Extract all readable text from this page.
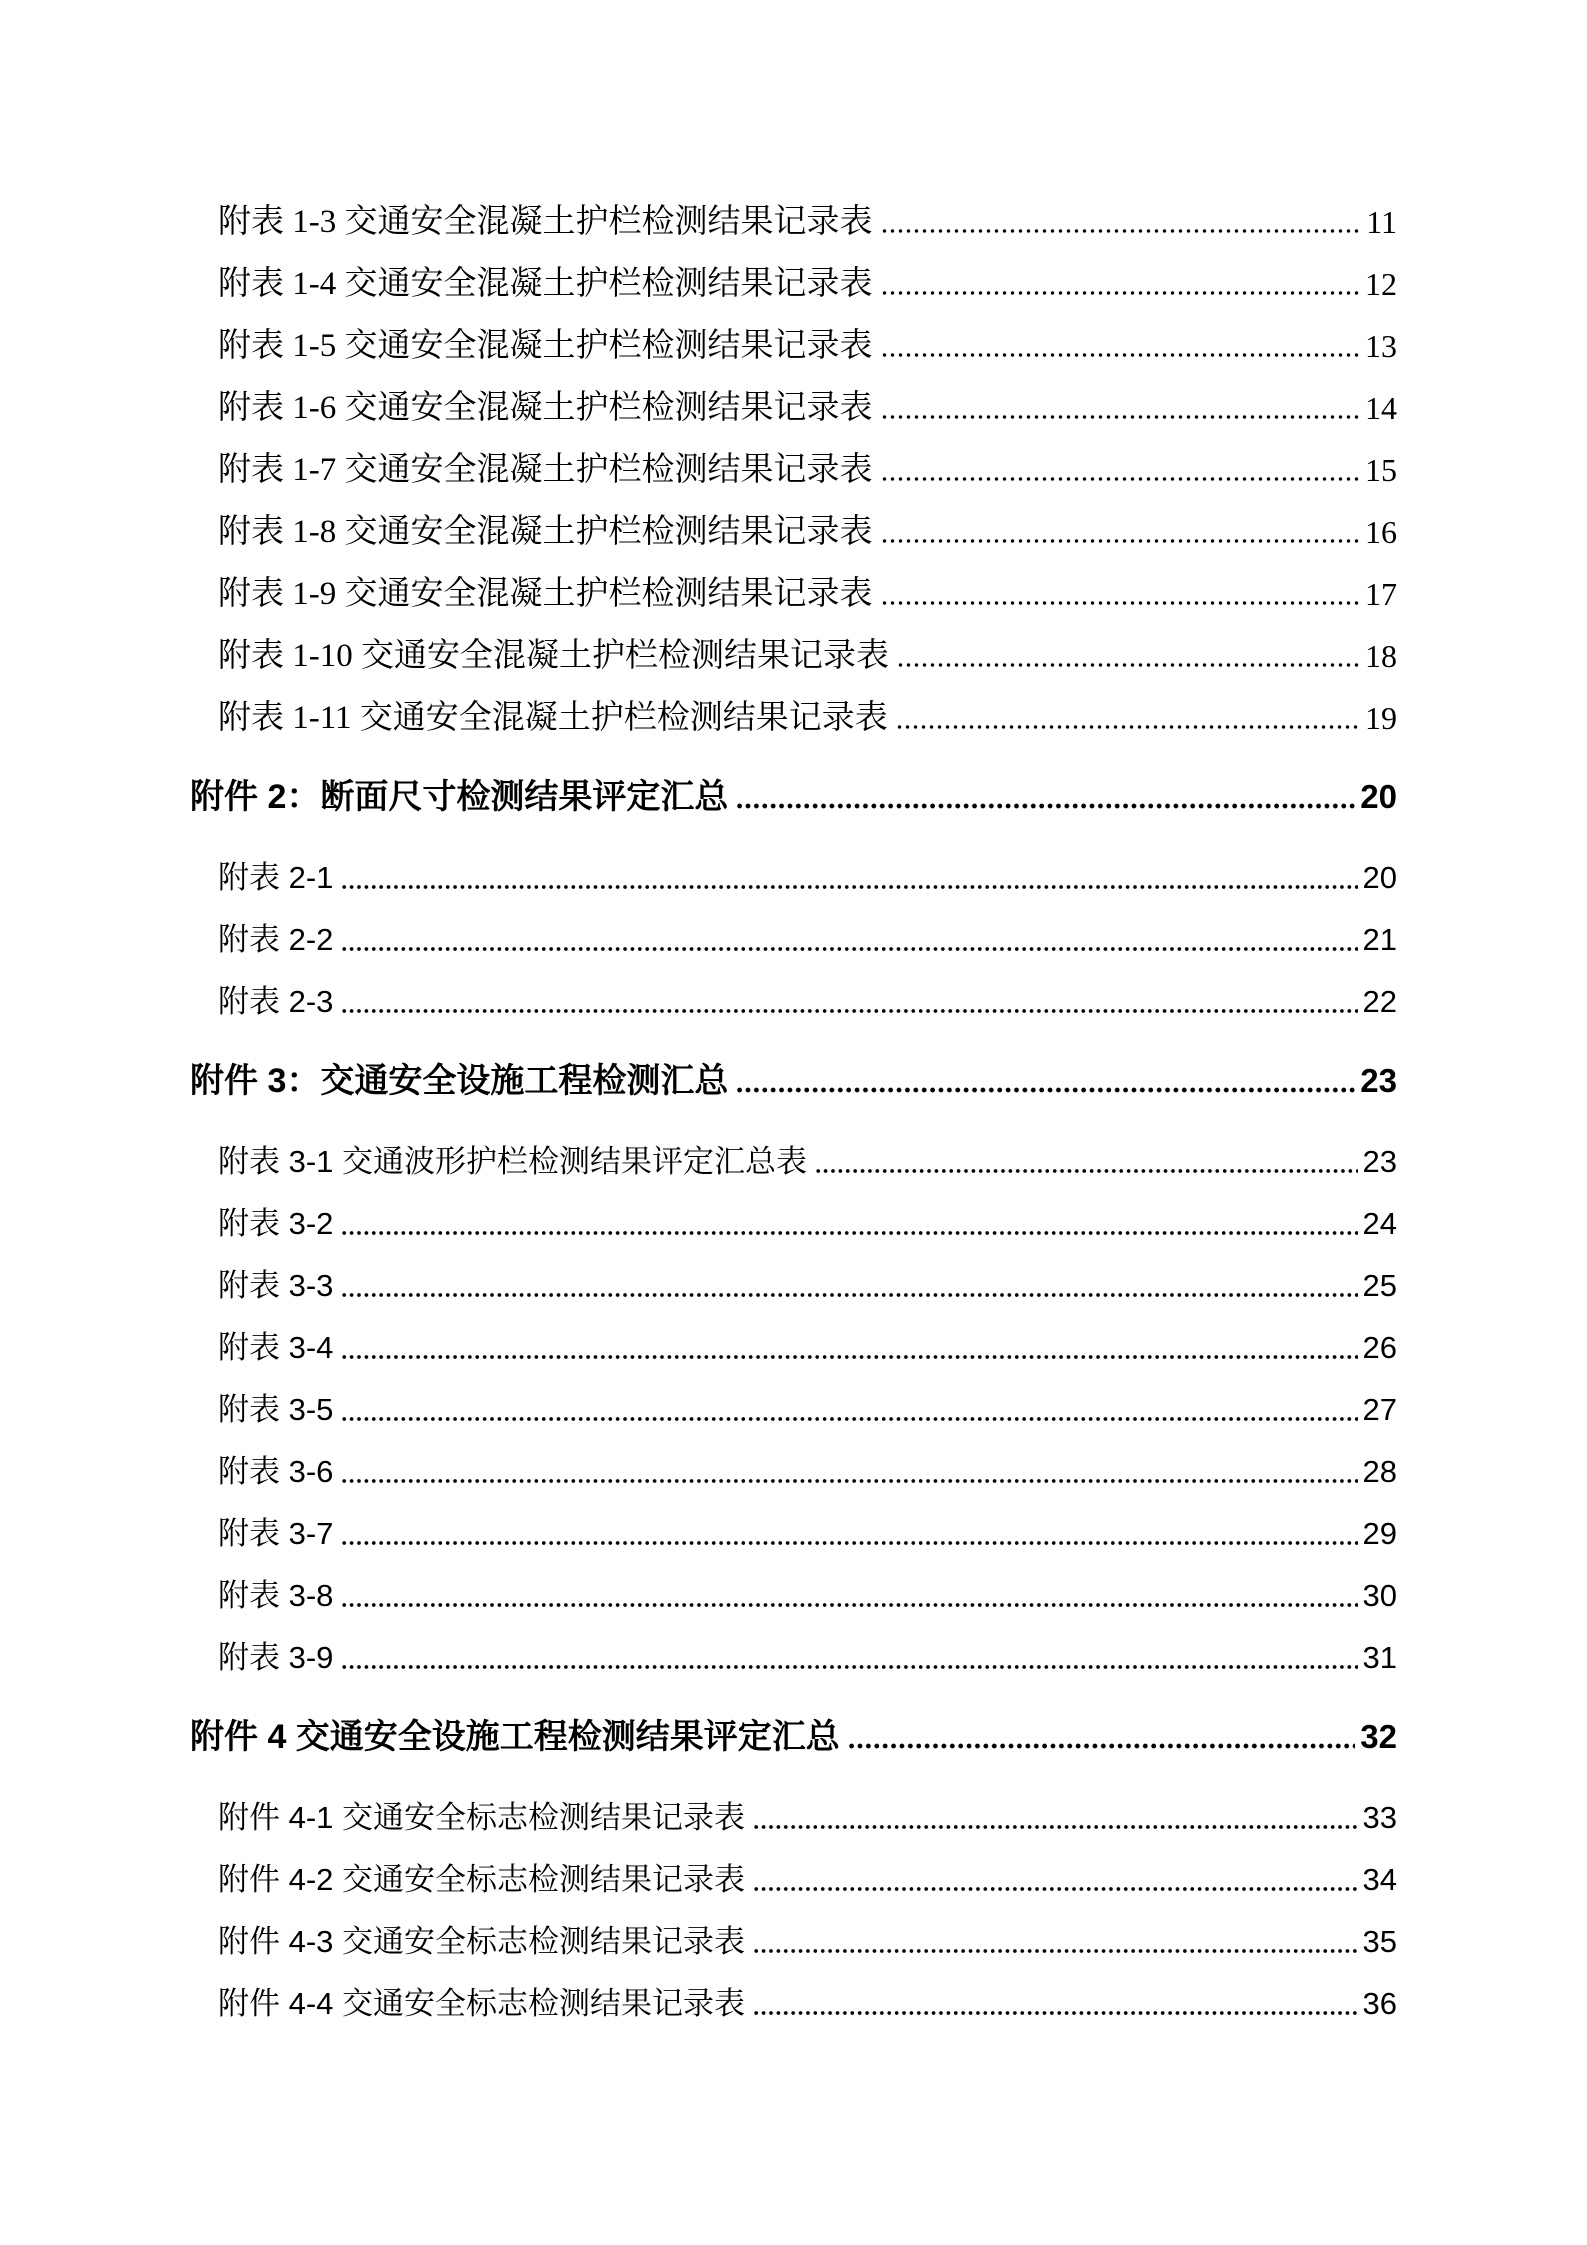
附表 1-3 交通安全混凝土护栏检测结果记录表	11
附表 1-4 交通安全混凝土护栏检测结果记录表	12
附表 1-5 交通安全混凝土护栏检测结果记录表	13
附表 1-6 交通安全混凝土护栏检测结果记录表	14
附表 1-7 交通安全混凝土护栏检测结果记录表	15
附表 1-8 交通安全混凝土护栏检测结果记录表	16
附表 1-9 交通安全混凝土护栏检测结果记录表	17
附表 1-10 交通安全混凝土护栏检测结果记录表	18
附表 1-11 交通安全混凝土护栏检测结果记录表	19
附件 2：断面尺寸检测结果评定汇总	20
附表 2-1	20
附表 2-2	21
附表 2-3	22
附件 3：交通安全设施工程检测汇总	23
附表 3-1 交通波形护栏检测结果评定汇总表	23
附表 3-2	24
附表 3-3	25
附表 3-4	26
附表 3-5	27
附表 3-6	28
附表 3-7	29
附表 3-8	30
附表 3-9	31
附件 4 交通安全设施工程检测结果评定汇总	32
附件 4-1 交通安全标志检测结果记录表	33
附件 4-2 交通安全标志检测结果记录表	34
附件 4-3 交通安全标志检测结果记录表	35
附件 4-4 交通安全标志检测结果记录表	36
